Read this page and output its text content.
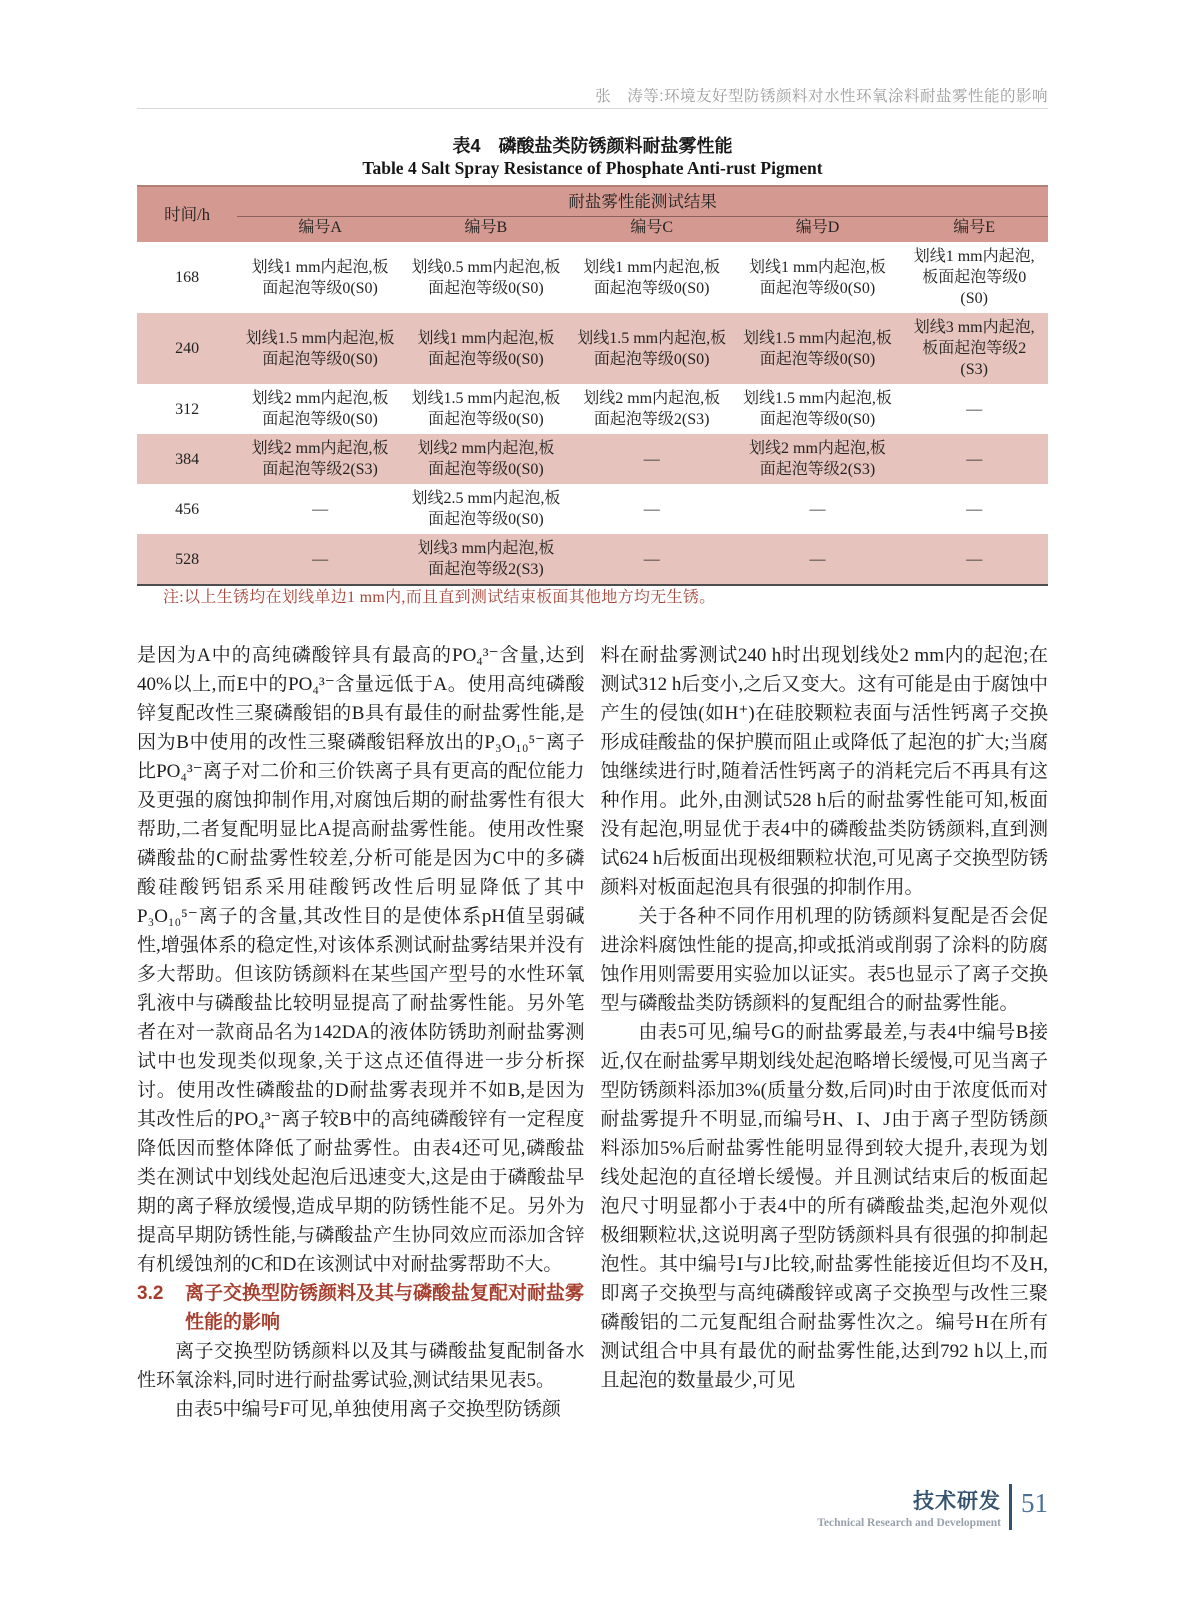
张　涛等:环境友好型防锈颜料对水性环氧涂料耐盐雾性能的影响
表4　磷酸盐类防锈颜料耐盐雾性能
Table 4 Salt Spray Resistance of Phosphate Anti-rust Pigment
时间/h	耐盐雾性能测试结果				
	编号A	编号B	编号C	编号D	编号E
168	划线1 mm内起泡,板面起泡等级0(S0)	划线0.5 mm内起泡,板面起泡等级0(S0)	划线1 mm内起泡,板面起泡等级0(S0)	划线1 mm内起泡,板面起泡等级0(S0)	划线1 mm内起泡,板面起泡等级0 (S0)
240	划线1.5 mm内起泡,板面起泡等级0(S0)	划线1 mm内起泡,板面起泡等级0(S0)	划线1.5 mm内起泡,板面起泡等级0(S0)	划线1.5 mm内起泡,板面起泡等级0(S0)	划线3 mm内起泡,板面起泡等级2 (S3)
312	划线2 mm内起泡,板面起泡等级0(S0)	划线1.5 mm内起泡,板面起泡等级0(S0)	划线2 mm内起泡,板面起泡等级2(S3)	划线1.5 mm内起泡,板面起泡等级0(S0)	—
384	划线2 mm内起泡,板面起泡等级2(S3)	划线2 mm内起泡,板面起泡等级0(S0)	—	划线2 mm内起泡,板面起泡等级2(S3)	—
456	—	划线2.5 mm内起泡,板面起泡等级0(S0)	—	—	—
528	—	划线3 mm内起泡,板面起泡等级2(S3)	—	—	—
注:以上生锈均在划线单边1 mm内,而且直到测试结束板面其他地方均无生锈。

是因为A中的高纯磷酸锌具有最高的PO₄³⁻含量,达到40%以上,而E中的PO₄³⁻含量远低于A。使用高纯磷酸锌复配改性三聚磷酸铝的B具有最佳的耐盐雾性能,是因为B中使用的改性三聚磷酸铝释放出的P₃O₁₀⁵⁻离子比PO₄³⁻离子对二价和三价铁离子具有更高的配位能力及更强的腐蚀抑制作用,对腐蚀后期的耐盐雾性有很大帮助,二者复配明显比A提高耐盐雾性能。使用改性聚磷酸盐的C耐盐雾性较差,分析可能是因为C中的多磷酸硅酸钙铝系采用硅酸钙改性后明显降低了其中P₃O₁₀⁵⁻离子的含量,其改性目的是使体系pH值呈弱碱性,增强体系的稳定性,对该体系测试耐盐雾结果并没有多大帮助。但该防锈颜料在某些国产型号的水性环氧乳液中与磷酸盐比较明显提高了耐盐雾性能。另外笔者在对一款商品名为142DA的液体防锈助剂耐盐雾测试中也发现类似现象,关于这点还值得进一步分析探讨。使用改性磷酸盐的D耐盐雾表现并不如B,是因为其改性后的PO₄³⁻离子较B中的高纯磷酸锌有一定程度降低因而整体降低了耐盐雾性。由表4还可见,磷酸盐类在测试中划线处起泡后迅速变大,这是由于磷酸盐早期的离子释放缓慢,造成早期的防锈性能不足。另外为提高早期防锈性能,与磷酸盐产生协同效应而添加含锌有机缓蚀剂的C和D在该测试中对耐盐雾帮助不大。

3.2	离子交换型防锈颜料及其与磷酸盐复配对耐盐雾性能的影响

离子交换型防锈颜料以及其与磷酸盐复配制备水性环氧涂料,同时进行耐盐雾试验,测试结果见表5。

由表5中编号F可见,单独使用离子交换型防锈颜

料在耐盐雾测试240 h时出现划线处2 mm内的起泡;在测试312 h后变小,之后又变大。这有可能是由于腐蚀中产生的侵蚀(如H⁺)在硅胶颗粒表面与活性钙离子交换形成硅酸盐的保护膜而阻止或降低了起泡的扩大;当腐蚀继续进行时,随着活性钙离子的消耗完后不再具有这种作用。此外,由测试528 h后的耐盐雾性能可知,板面没有起泡,明显优于表4中的磷酸盐类防锈颜料,直到测试624 h后板面出现极细颗粒状泡,可见离子交换型防锈颜料对板面起泡具有很强的抑制作用。

关于各种不同作用机理的防锈颜料复配是否会促进涂料腐蚀性能的提高,抑或抵消或削弱了涂料的防腐蚀作用则需要用实验加以证实。表5也显示了离子交换型与磷酸盐类防锈颜料的复配组合的耐盐雾性能。

由表5可见,编号G的耐盐雾最差,与表4中编号B接近,仅在耐盐雾早期划线处起泡略增长缓慢,可见当离子型防锈颜料添加3%(质量分数,后同)时由于浓度低而对耐盐雾提升不明显,而编号H、I、J由于离子型防锈颜料添加5%后耐盐雾性能明显得到较大提升,表现为划线处起泡的直径增长缓慢。并且测试结束后的板面起泡尺寸明显都小于表4中的所有磷酸盐类,起泡外观似极细颗粒状,这说明离子型防锈颜料具有很强的抑制起泡性。其中编号I与J比较,耐盐雾性能接近但均不及H,即离子交换型与高纯磷酸锌或离子交换型与改性三聚磷酸铝的二元复配组合耐盐雾性次之。编号H在所有测试组合中具有最优的耐盐雾性能,达到792 h以上,而且起泡的数量最少,可见

技术研发
Technical Research and Development
51
